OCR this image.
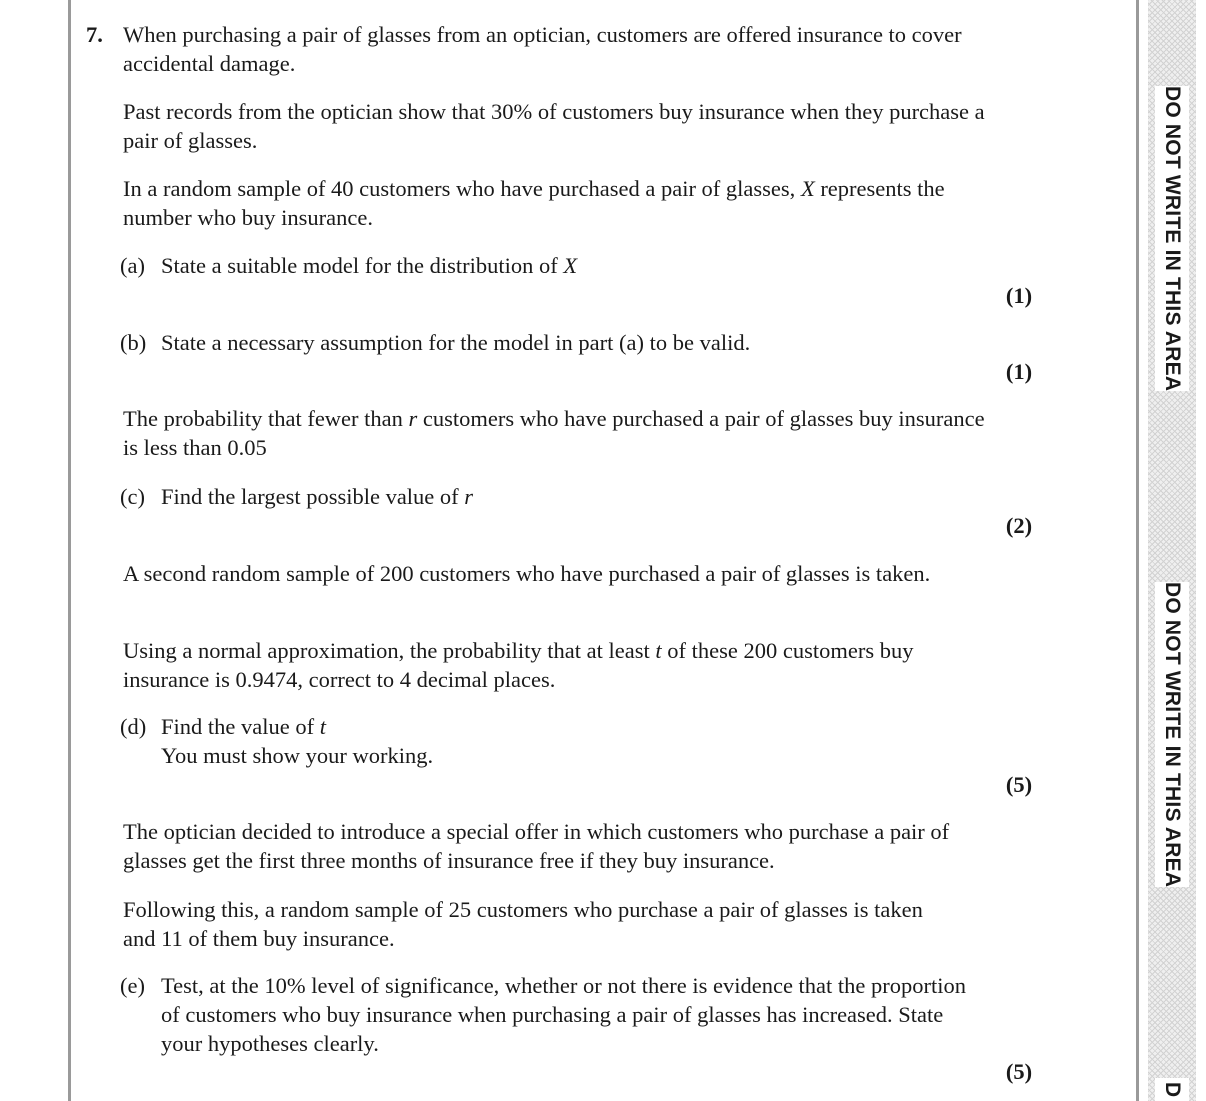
DO NOT WRITE IN THIS AREA
DO NOT WRITE IN THIS AREA
D
7. When purchasing a pair of glasses from an optician, customers are offered insurance to cover accidental damage.

Past records from the optician show that 30% of customers buy insurance when they purchase a pair of glasses.

In a random sample of 40 customers who have purchased a pair of glasses, X represents the number who buy insurance.

(a) State a suitable model for the distribution of X
( 1 )
(b) State a necessary assumption for the model in part (a) to be valid.
( 1 )

The probability that fewer than r customers who have purchased a pair of glasses buy insurance is less than 0.05

(c) Find the largest possible value of r
( 2 )

A second random sample of 200 customers who have purchased a pair of glasses is taken.

Using a normal approximation, the probability that at least t of these 200 customers buy insurance is 0.9474, correct to 4 decimal places.

(d) Find the value of t
You must show your working.
( 5 )

The optician decided to introduce a special offer in which customers who purchase a pair of glasses get the first three months of insurance free if they buy insurance.

Following this, a random sample of 25 customers who purchase a pair of glasses is taken and 11 of them buy insurance.

(e) Test, at the 10% level of significance, whether or not there is evidence that the proportion of customers who buy insurance when purchasing a pair of glasses has increased. State your hypotheses clearly.
( 5 )
